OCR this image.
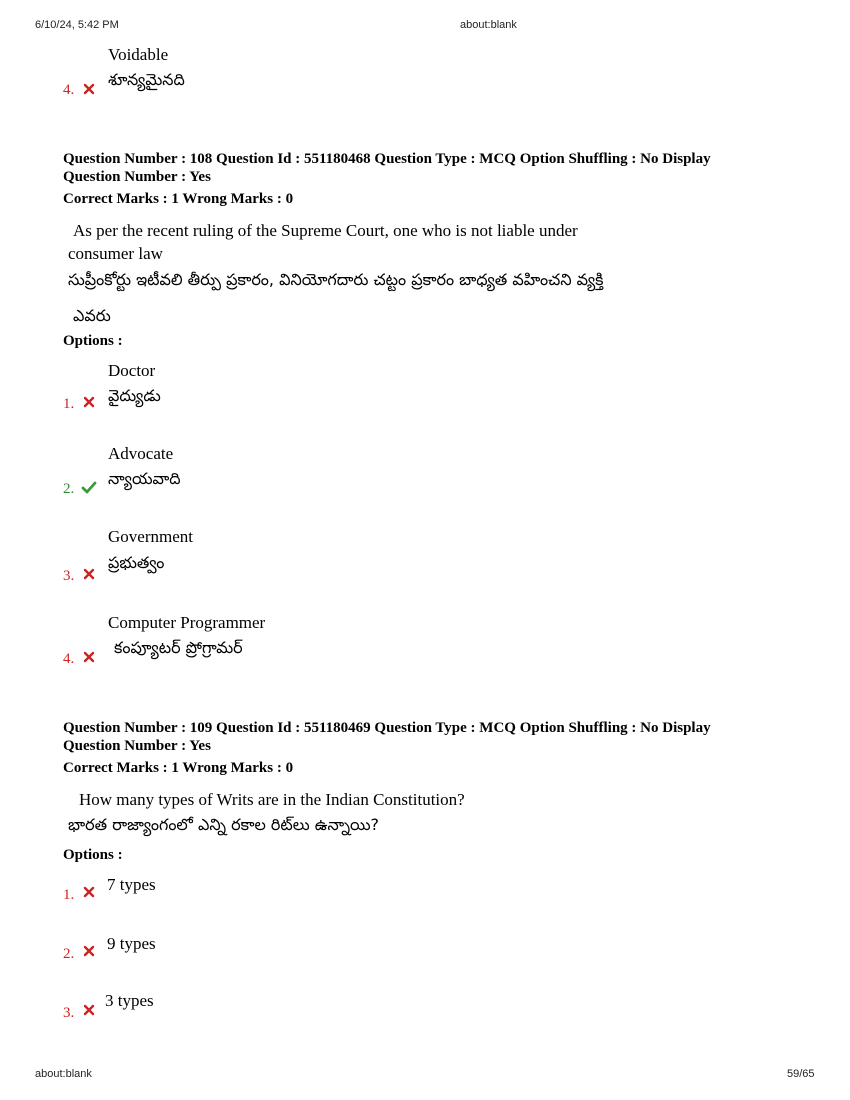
6/10/24, 5:42 PM	about:blank
about:blank	59/65
Voidable
శూన్యమైనది
4.
Question Number : 108 Question Id : 551180468 Question Type : MCQ Option Shuffling : No Display
Question Number : Yes
Correct Marks : 1 Wrong Marks : 0
As per the recent ruling of the Supreme Court, one who is not liable under
consumer law
సుప్రీంకోర్టు ఇటీవలి తీర్పు ప్రకారం, వినియోగదారు చట్టం ప్రకారం బాధ్యత వహించని వ్యక్తి
ఎవరు
Options :
Doctor
వైద్యుడు
1.
Advocate
న్యాయవాది
2.
Government
ప్రభుత్వం
3.
Computer Programmer
కంప్యూటర్ ప్రోగ్రామర్
4.
Question Number : 109 Question Id : 551180469 Question Type : MCQ Option Shuffling : No Display
Question Number : Yes
Correct Marks : 1 Wrong Marks : 0
How many types of Writs are in the Indian Constitution?
భారత రాజ్యాంగంలో ఎన్ని రకాల రిట్‌లు ఉన్నాయి?
Options :
7 types
1.
9 types
2.
3 types
3.
